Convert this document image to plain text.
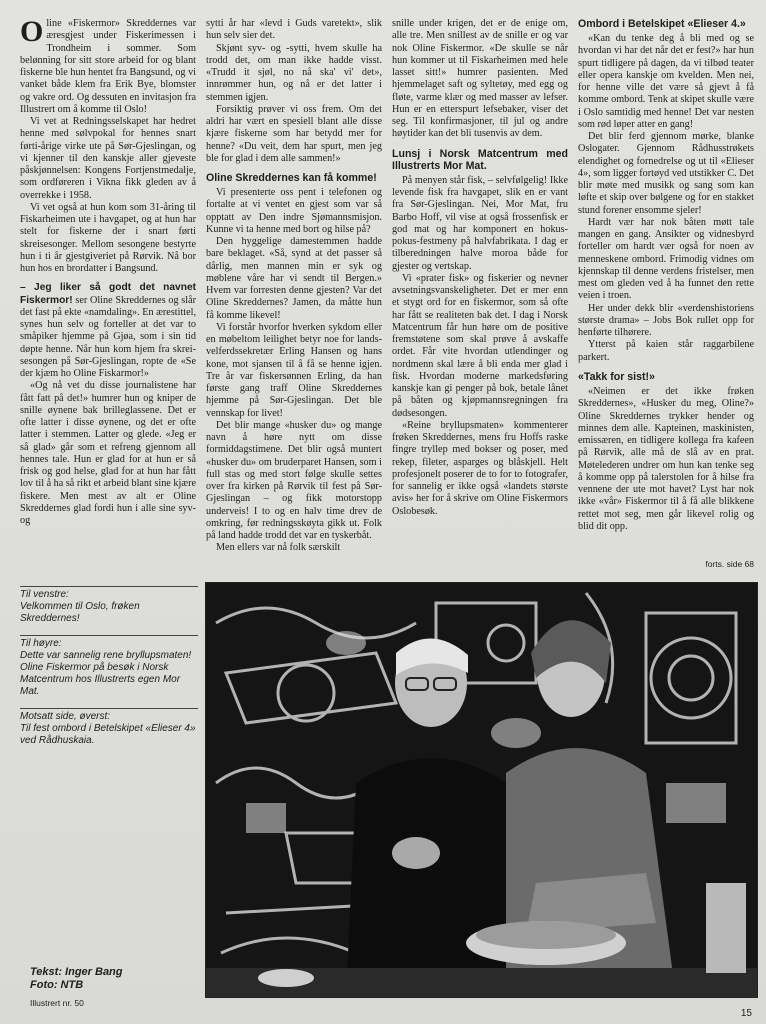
Oline «Fiskermor» Skreddernes var æresgjest under Fiskerimessen i Trondheim i sommer. Som belønning for sitt store arbeid for og blant fiskerne ble hun hentet fra Bangsund, og vi vanket både klem fra Erik Bye, blomster og vakre ord. Og dessuten en invitasjon fra Illustrert om å komme til Oslo!

Vi vet at Redningsselskapet har hedret henne med sølvpokal for hennes snart førti-årige virke ute på Sør-Gjeslingan, og vi kjenner til den kanskje aller gjeveste påskjønnelsen: Kongens Fortjenstmedalje, som ordføreren i Vikna fikk gleden av å overrekke i 1958.

Vi vet også at hun kom som 31-åring til Fiskarheimen ute i havgapet, og at hun har stelt for fiskerne der i snart førti skreisesonger. Mellom sesongene bestyrte hun i ti år gjestgiveriet på Rørvik. Nå bor hun hos en brordatter i Bangsund.

– Jeg liker så godt det navnet Fiskermor! ser Oline Skreddernes og slår det fast på ekte «namdaling». En ærestittel, synes hun selv og forteller at det var to småpiker hjemme på Gjøa, som i sin tid døpte henne. Når hun kom hjem fra skrei-sesongen på Sør-Gjeslingan, ropte de «Se der kjæm ho Oline Fiskarmor!»

«Og nå vet du disse journalistene har fått fatt på det!» humrer hun og kniper de snille øynene bak brilleglassene. Det er ofte latter i disse øynene, og det er ofte latter i stemmen. Latter og glede. «Jeg er så glad» går som et refreng gjennom all hennes tale. Hun er glad for at hun er så frisk og god helse, glad for at hun har fått lov til å ha så rikt et arbeid blant sine kjære fiskere. Men mest av alt er Oline Skreddernes glad fordi hun i alle sine syv- og

sytti år har «levd i Guds varetekt», slik hun selv sier det.

Skjønt syv- og -sytti, hvem skulle ha trodd det, om man ikke hadde visst. «Trudd it sjøl, no nå ska' vi' det», innrømmer hun, og nå er det latter i stemmen igjen.

Forsiktig prøver vi oss frem. Om det aldri har vært en spesiell blant alle disse kjære fiskerne som har betydd mer for henne? «Du veit, dem har spurt, men jeg ble for glad i dem alle sammen!»

Oline Skreddernes kan få komme!

Vi presenterte oss pent i telefonen og fortalte at vi ventet en gjest som var så opptatt av Den indre Sjømannsmisjon. Kunne vi ta henne med bort og hilse på?

Den hyggelige damestemmen hadde bare beklaget. «Så, synd at det passer så dårlig, men mannen min er syk og møblene våre har vi sendt til Bergen.» Hvem var forresten denne gjesten? Var det Oline Skreddernes? Jamen, da måtte hun få komme likevel!

Vi forstår hvorfor hverken sykdom eller en møbeltom leilighet betyr noe for lands-velferdssekretær Erling Hansen og hans kone, mot sjansen til å få se henne igjen. Tre år var fiskersønnen Erling, da han første gang traff Oline Skreddernes hjemme på Sør-Gjeslingan. Det ble vennskap for livet!

Det blir mange «husker du» og mange navn å høre nytt om disse formiddagstimene. Det blir også muntert «husker du» om bruderparet Hansen, som i full stas og med stort følge skulle settes over fra kirken på Rørvik til fest på Sør-Gjeslingan – og fikk motorstopp underveis! I to og en halv time drev de omkring, før redningsskøyta gikk ut. Folk på land hadde trodd det var en tyskerbåt.

Men ellers var nå folk særskilt

snille under krigen, det er de enige om, alle tre. Men snillest av de snille er og var nok Oline Fiskermor. «De skulle se når hun kommer ut til Fiskarheimen med hele lasset sitt!» humrer pasienten. Med hjemmelaget saft og syltetøy, med egg og fløte, varme klær og med masser av lefser. Hun er en etterspurt lefsebaker, viser det seg. Til konfirmasjoner, til jul og andre høytider kan det bli tusenvis av dem.

Lunsj i Norsk Matcentrum med Illustrerts Mor Mat.

På menyen står fisk, – selvfølgelig! Ikke levende fisk fra havgapet, slik en er vant fra Sør-Gjeslingan. Nei, Mor Mat, fru Barbo Hoff, vil vise at også frossenfisk er god mat og har komponert en hokus-pokus-festmeny på halvfabrikata. I dag er tilberedningen halve moroa både for gjester og vertskap.

Vi «prater fisk» og fiskerier og nevner avsetningsvanskeligheter. Det er mer enn et stygt ord for en fiskermor, som så ofte har fått se realiteten bak det. I dag i Norsk Matcentrum får hun høre om de positive fremstøtene som skal prøve å avskaffe ordet. Får vite hvordan utlendinger og nordmenn skal lære å bli enda mer glad i fisk. Hvordan moderne markedsføring kanskje kan gi penger på bok, betale lånet på båten og kjøpmannsregningen fra dødsesongen.

«Reine bryllupsmaten» kommenterer frøken Skreddernes, mens fru Hoffs raske fingre trylleр med bokser og poser, med rekeр, fileter, asparges og blåskjell. Helt profesjonelt poserer de to for to fotografer, for sannelig er ikke også «landets største avis» her for å skrive om Oline Fiskermors Oslobesøk.

Ombord i Betelskipet «Elieser 4.»

«Kan du tenke deg å bli med og se hvordan vi har det når det er fest?» har hun spurt tidligere på dagen, da vi tilbød teater eller opera kanskje om kvelden. Men nei, for henne ville det være så gjevt å få komme ombord. Tenk at skipet skulle være i Oslo samtidig med henne! Det var nesten som rød løper atter en gang!

Det blir ferd gjennom mørke, blanke Oslogater. Gjennom Rådhusstrøkets elendighet og fornedrelse og ut til «Elieser 4», som ligger fortøyd ved utstikker C. Det blir møte med musikk og sang som kan løfte et skip over bølgene og for en stakket stund forener ensomme sjeler!

Hardt vær har nok båten møtt tale mangen en gang. Ansikter og vidnesbyrd forteller om hardt vær også for noen av menneskene ombord. Frimodig vidnes om kjennskap til denne verdens fristelser, men mest om gleden ved å ha funnet den rette veien i troen.

Her under dekk blir «verdenshistoriens største drama» – Jobs Bok rullet opp for henførte tilhørere.

Ytterst på kaien står raggarbilene parkert.

«Takk for sist!»

«Neimen er det ikke frøken Skreddernes», «Husker du meg, Oline?» Oline Skreddernes trykker hender og minnes dem alle. Kapteinen, maskinisten, emissæren, en tidligere kollega fra kafeen på Rørvik, alle må de slå av en prat. Møtelederen undrer om hun kan tenke seg å komme opp på talerstolen for å hilse fra vennene der ute mot havet? Lyst har nok ikke «vår» Fiskermor til å få alle blikkene rettet mot seg, men går likevel rolig og blid dit opp.

forts. side 68
Til venstre:
Velkommen til Oslo, frøken Skreddernes!
Til høyre:
Dette var sannelig rene bryllupsmaten! Oline Fiskermor på besøk i Norsk Matcentrum hos Illustrerts egen Mor Mat.
Motsatt side, øverst:
Til fest ombord i Betelskipet «Elieser 4» ved Rådhuskaia.
Tekst: Inger Bang
Foto: NTB
Illustrert nr. 50
15
